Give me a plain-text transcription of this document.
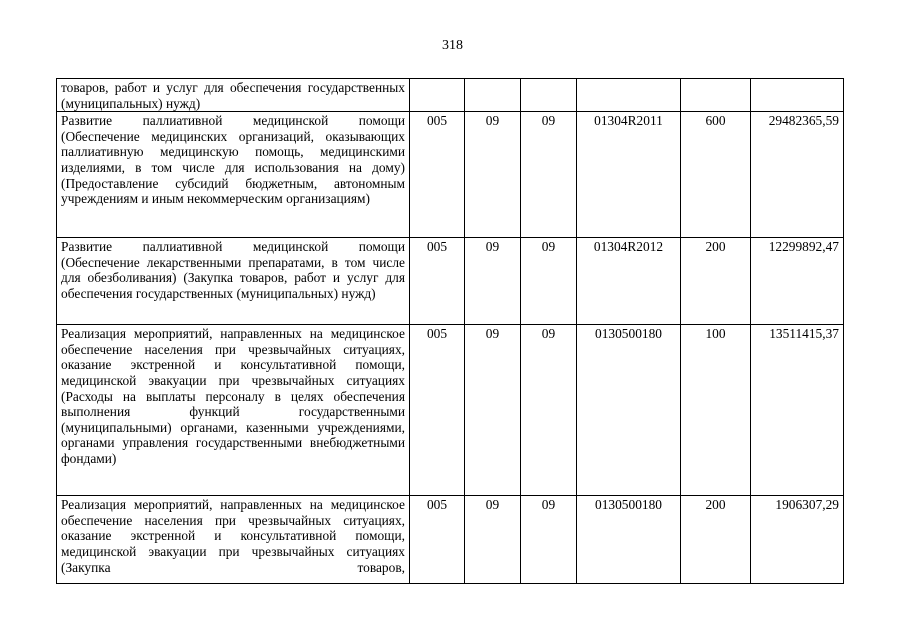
318
товаров, работ и услуг для обеспечения государственных (муниципальных) нужд)						
Развитие паллиативной медицинской помощи (Обеспечение медицинских организаций, оказывающих паллиативную медицинскую помощь, медицинскими изделиями, в том числе для использования на дому) (Предоставление субсидий бюджетным, автономным учреждениям и иным некоммерческим организациям)	005	09	09	01304R2011	600	29482365,59
Развитие паллиативной медицинской помощи (Обеспечение лекарственными препаратами, в том числе для обезболивания) (Закупка товаров, работ и услуг для обеспечения государственных (муниципальных) нужд)	005	09	09	01304R2012	200	12299892,47
Реализация мероприятий, направленных на медицинское обеспечение населения при чрезвычайных ситуациях, оказание экстренной и консультативной помощи, медицинской эвакуации при чрезвычайных ситуациях (Расходы на выплаты персоналу в целях обеспечения выполнения функций государственными (муниципальными) органами, казенными учреждениями, органами управления государственными внебюджетными фондами)	005	09	09	0130500180	100	13511415,37
Реализация мероприятий, направленных на медицинское обеспечение населения при чрезвычайных ситуациях, оказание экстренной и консультативной помощи, медицинской эвакуации при чрезвычайных ситуациях (Закупка товаров,	005	09	09	0130500180	200	1906307,29
